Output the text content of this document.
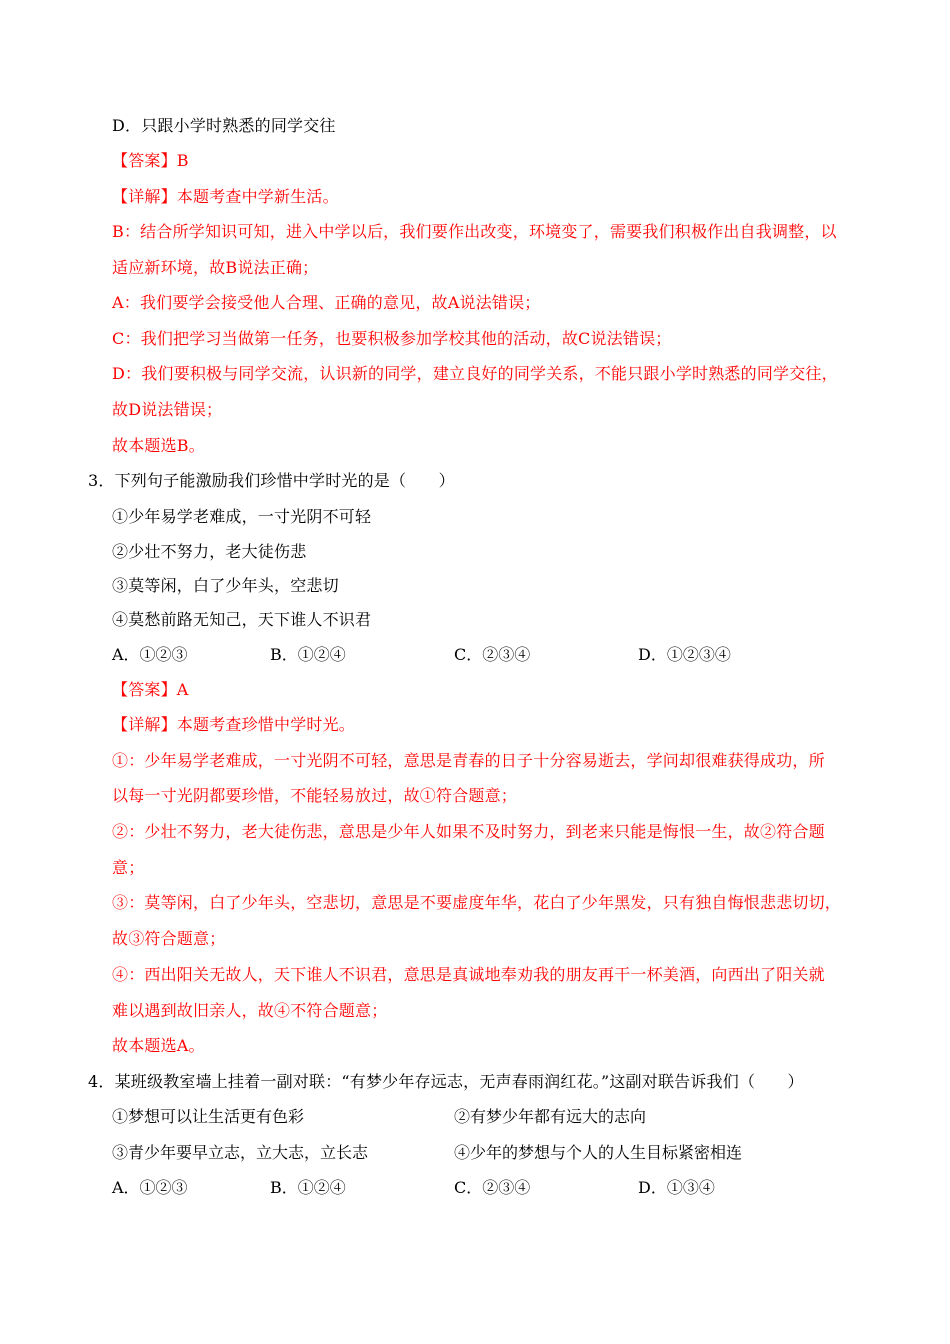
D．只跟小学时熟悉的同学交往
【答案】B
【详解】本题考查中学新生活。
B：结合所学知识可知，进入中学以后，我们要作出改变，环境变了，需要我们积极作出自我调整，以
适应新环境，故B说法正确；
A：我们要学会接受他人合理、正确的意见，故A说法错误；
C：我们把学习当做第一任务，也要积极参加学校其他的活动，故C说法错误；
D：我们要积极与同学交流，认识新的同学，建立良好的同学关系，不能只跟小学时熟悉的同学交往，
故D说法错误；
故本题选B。
3．下列句子能激励我们珍惜中学时光的是（　　）
①少年易学老难成，一寸光阴不可轻
②少壮不努力，老大徒伤悲
③莫等闲，白了少年头，空悲切
④莫愁前路无知己，天下谁人不识君
A．①②③	B．①②④	C．②③④	D．①②③④
【答案】A
【详解】本题考查珍惜中学时光。
①：少年易学老难成，一寸光阴不可轻，意思是青春的日子十分容易逝去，学问却很难获得成功，所
以每一寸光阴都要珍惜，不能轻易放过，故①符合题意；
②：少壮不努力，老大徒伤悲，意思是少年人如果不及时努力，到老来只能是悔恨一生，故②符合题
意；
③：莫等闲，白了少年头，空悲切，意思是不要虚度年华，花白了少年黑发，只有独自悔恨悲悲切切，
故③符合题意；
④：西出阳关无故人，天下谁人不识君，意思是真诚地奉劝我的朋友再干一杯美酒，向西出了阳关就
难以遇到故旧亲人，故④不符合题意；
故本题选A。
4．某班级教室墙上挂着一副对联：“有梦少年存远志，无声春雨润红花。”这副对联告诉我们（　　）
①梦想可以让生活更有色彩	②有梦少年都有远大的志向
③青少年要早立志，立大志，立长志	④少年的梦想与个人的人生目标紧密相连
A．①②③	B．①②④	C．②③④	D．①③④
